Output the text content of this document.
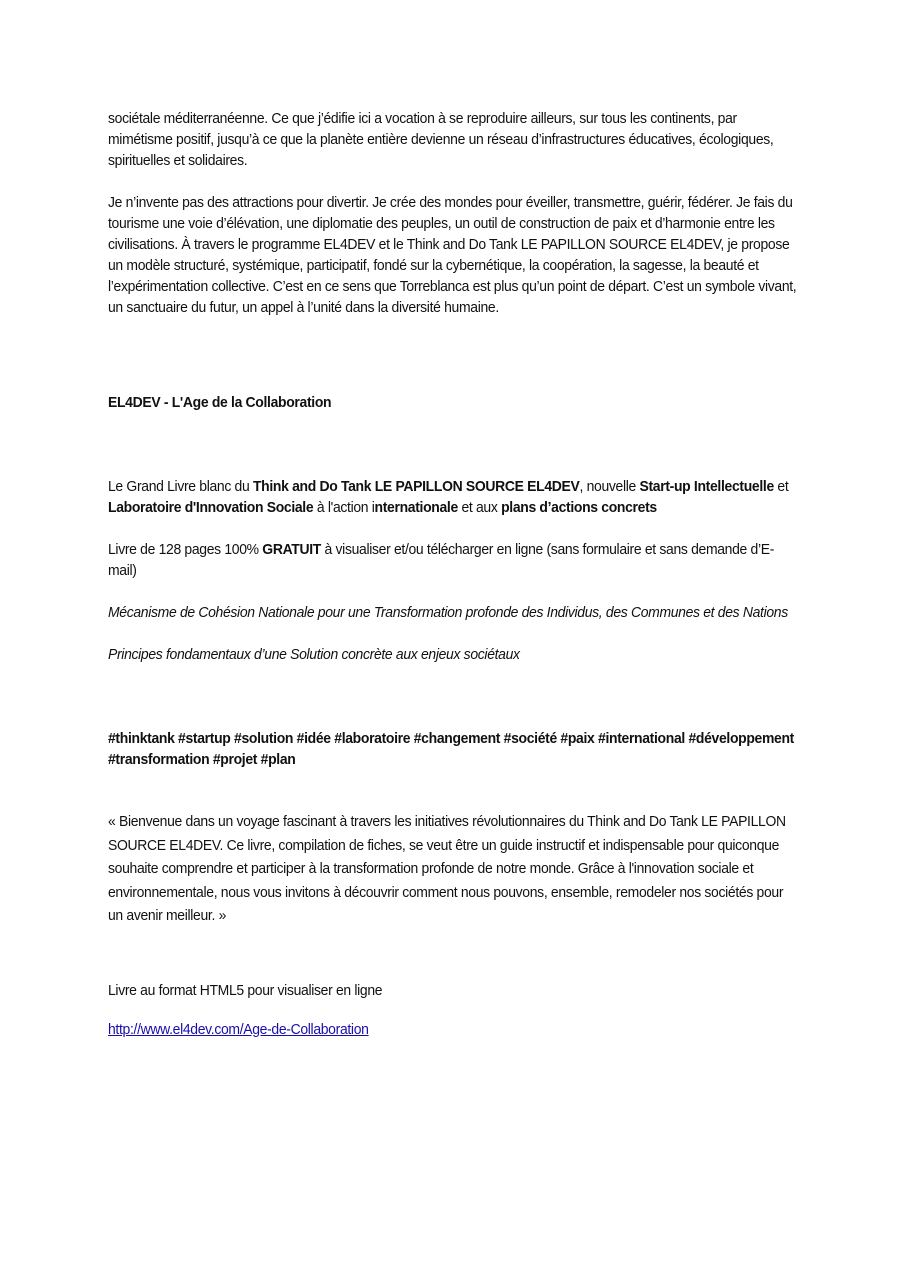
sociétale méditerranéenne. Ce que j’édifie ici a vocation à se reproduire ailleurs, sur tous les continents, par mimétisme positif, jusqu’à ce que la planète entière devienne un réseau d’infrastructures éducatives, écologiques, spirituelles et solidaires.

Je n’invente pas des attractions pour divertir. Je crée des mondes pour éveiller, transmettre, guérir, fédérer. Je fais du tourisme une voie d’élévation, une diplomatie des peuples, un outil de construction de paix et d’harmonie entre les civilisations. À travers le programme EL4DEV et le Think and Do Tank LE PAPILLON SOURCE EL4DEV, je propose un modèle structuré, systémique, participatif, fondé sur la cybernétique, la coopération, la sagesse, la beauté et l’expérimentation collective. C’est en ce sens que Torreblanca est plus qu’un point de départ. C’est un symbole vivant, un sanctuaire du futur, un appel à l’unité dans la diversité humaine.

EL4DEV - L'Age de la Collaboration

Le Grand Livre blanc du Think and Do Tank LE PAPILLON SOURCE EL4DEV, nouvelle Start-up Intellectuelle et Laboratoire d'Innovation Sociale à l'action internationale et aux plans d’actions concrets

Livre de 128 pages 100% GRATUIT à visualiser et/ou télécharger en ligne (sans formulaire et sans demande d’E-mail)

Mécanisme de Cohésion Nationale pour une Transformation profonde des Individus, des Communes et des Nations

Principes fondamentaux d’une Solution concrète aux enjeux sociétaux

#thinktank #startup #solution #idée #laboratoire #changement #société #paix #international #développement #transformation #projet #plan

« Bienvenue dans un voyage fascinant à travers les initiatives révolutionnaires du Think and Do Tank LE PAPILLON SOURCE EL4DEV. Ce livre, compilation de fiches, se veut être un guide instructif et indispensable pour quiconque souhaite comprendre et participer à la transformation profonde de notre monde. Grâce à l'innovation sociale et environnementale, nous vous invitons à découvrir comment nous pouvons, ensemble, remodeler nos sociétés pour un avenir meilleur. »

Livre au format HTML5 pour visualiser en ligne

http://www.el4dev.com/Age-de-Collaboration
